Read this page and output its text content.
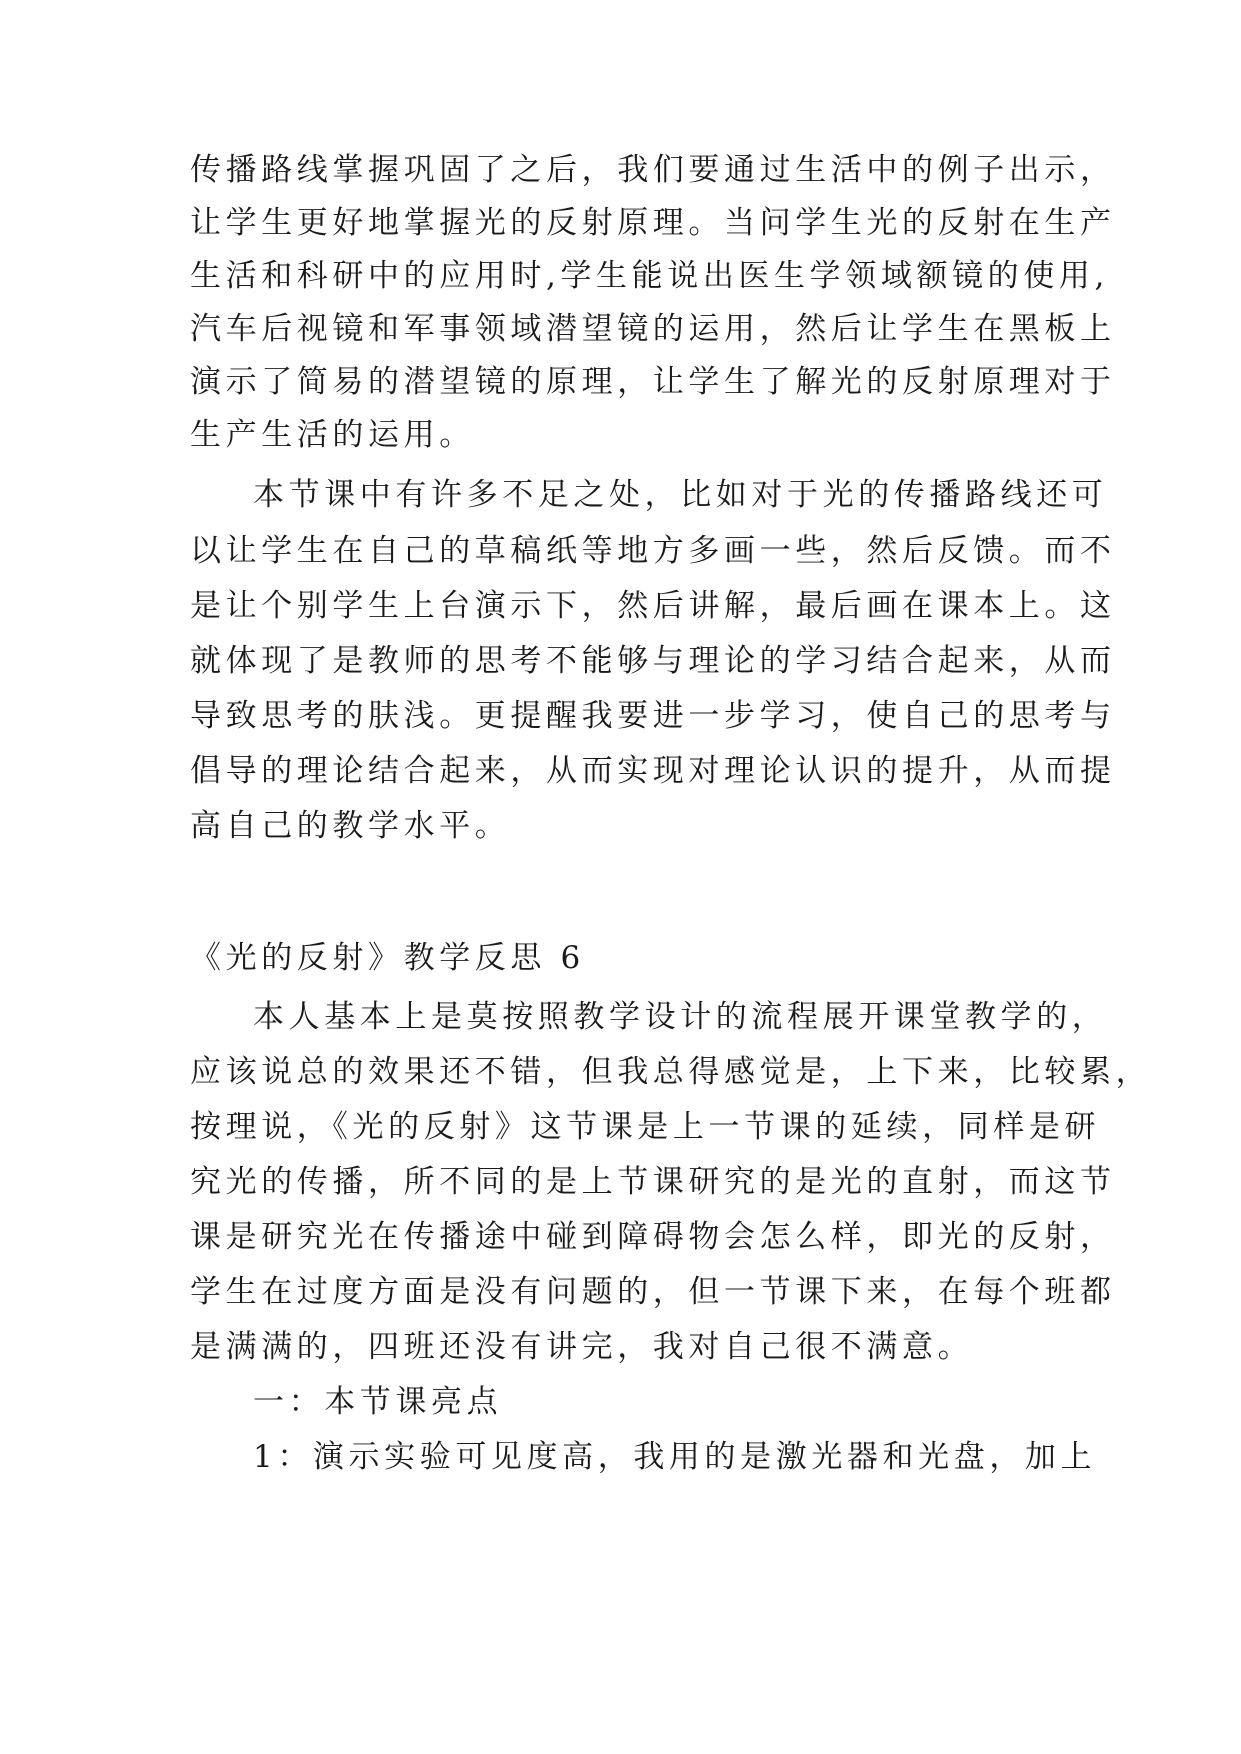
传播路线掌握巩固了之后，我们要通过生活中的例子出示，
让学生更好地掌握光的反射原理。当问学生光的反射在生产
生活和科研中的应用时,学生能说出医生学领域额镜的使用,
汽车后视镜和军事领域潜望镜的运用，然后让学生在黑板上
演示了简易的潜望镜的原理，让学生了解光的反射原理对于
生产生活的运用。
本节课中有许多不足之处，比如对于光的传播路线还可
以让学生在自己的草稿纸等地方多画一些，然后反馈。而不
是让个别学生上台演示下，然后讲解，最后画在课本上。这
就体现了是教师的思考不能够与理论的学习结合起来，从而
导致思考的肤浅。更提醒我要进一步学习，使自己的思考与
倡导的理论结合起来，从而实现对理论认识的提升，从而提
高自己的教学水平。
《光的反射》教学反思 6
本人基本上是莫按照教学设计的流程展开课堂教学的，
应该说总的效果还不错，但我总得感觉是，上下来，比较累，
按理说，《光的反射》这节课是上一节课的延续，同样是研
究光的传播，所不同的是上节课研究的是光的直射，而这节
课是研究光在传播途中碰到障碍物会怎么样，即光的反射，
学生在过度方面是没有问题的，但一节课下来，在每个班都
是满满的，四班还没有讲完，我对自己很不满意。
一：本节课亮点
1：演示实验可见度高，我用的是激光器和光盘，加上
